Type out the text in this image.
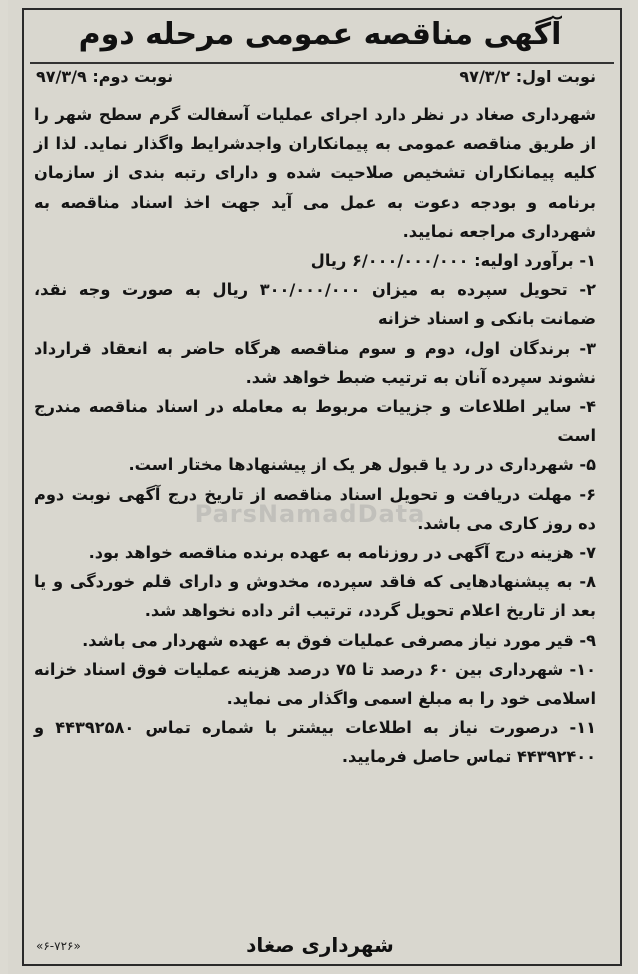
آگهی مناقصه عمومی مرحله دوم
نوبت اول: ۹۷/۳/۲
نوبت دوم: ۹۷/۳/۹

شهرداری صغاد در نظر دارد اجرای عملیات آسفالت گرم سطح شهر را از طریق مناقصه عمومی به پیمانکاران واجدشرایط واگذار نماید. لذا از کلیه پیمانکاران تشخیص صلاحیت شده و دارای رتبه بندی از سازمان برنامه و بودجه دعوت به عمل می آید جهت اخذ اسناد مناقصه به شهرداری مراجعه نمایید.

۱- برآورد اولیه: ۶/۰۰۰/۰۰۰/۰۰۰ ریال

۲- تحویل سپرده به میزان ۳۰۰/۰۰۰/۰۰۰ ریال به صورت وجه نقد، ضمانت بانکی و اسناد خزانه

۳- برندگان اول، دوم و سوم مناقصه هرگاه حاضر به انعقاد قرارداد نشوند سپرده آنان به ترتیب ضبط خواهد شد.

۴- سایر اطلاعات و جزییات مربوط به معامله در اسناد مناقصه مندرج است

۵- شهرداری در رد یا قبول هر یک از پیشنهادها مختار است.

۶- مهلت دریافت و تحویل اسناد مناقصه از تاریخ درج آگهی نوبت دوم ده روز کاری می باشد.

۷- هزینه درج آگهی در روزنامه به عهده برنده مناقصه خواهد بود.

۸- به پیشنهادهایی که فاقد سپرده، مخدوش و دارای قلم خوردگی و یا بعد از تاریخ اعلام تحویل گردد، ترتیب اثر داده نخواهد شد.

۹- قیر مورد نیاز مصرفی عملیات فوق به عهده شهردار می باشد.

۱۰- شهرداری بین ۶۰ درصد تا ۷۵ درصد هزینه عملیات فوق اسناد خزانه اسلامی خود را به مبلغ اسمی واگذار می نماید.

۱۱- درصورت نیاز به اطلاعات بیشتر با شماره تماس ۴۴۳۹۲۵۸۰ و ۴۴۳۹۲۴۰۰ تماس حاصل فرمایید.

ParsNamadData
شهرداری صغاد
«۶-۷۲۶»
